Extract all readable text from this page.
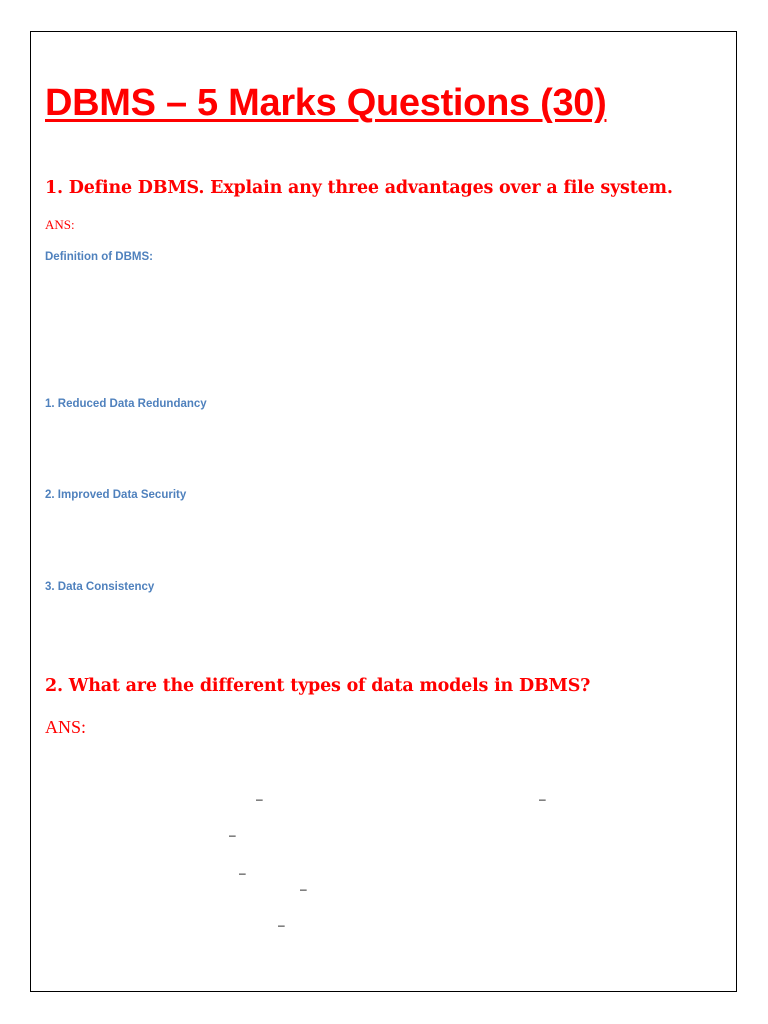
DBMS – 5 Marks Questions (30)
1. Define DBMS. Explain any three advantages over a file system.
ANS:
Definition of DBMS:
1. Reduced Data Redundancy
2. Improved Data Security
3. Data Consistency
2. What are the different types of data models in DBMS?
ANS:
–	–
–
–
–
–
